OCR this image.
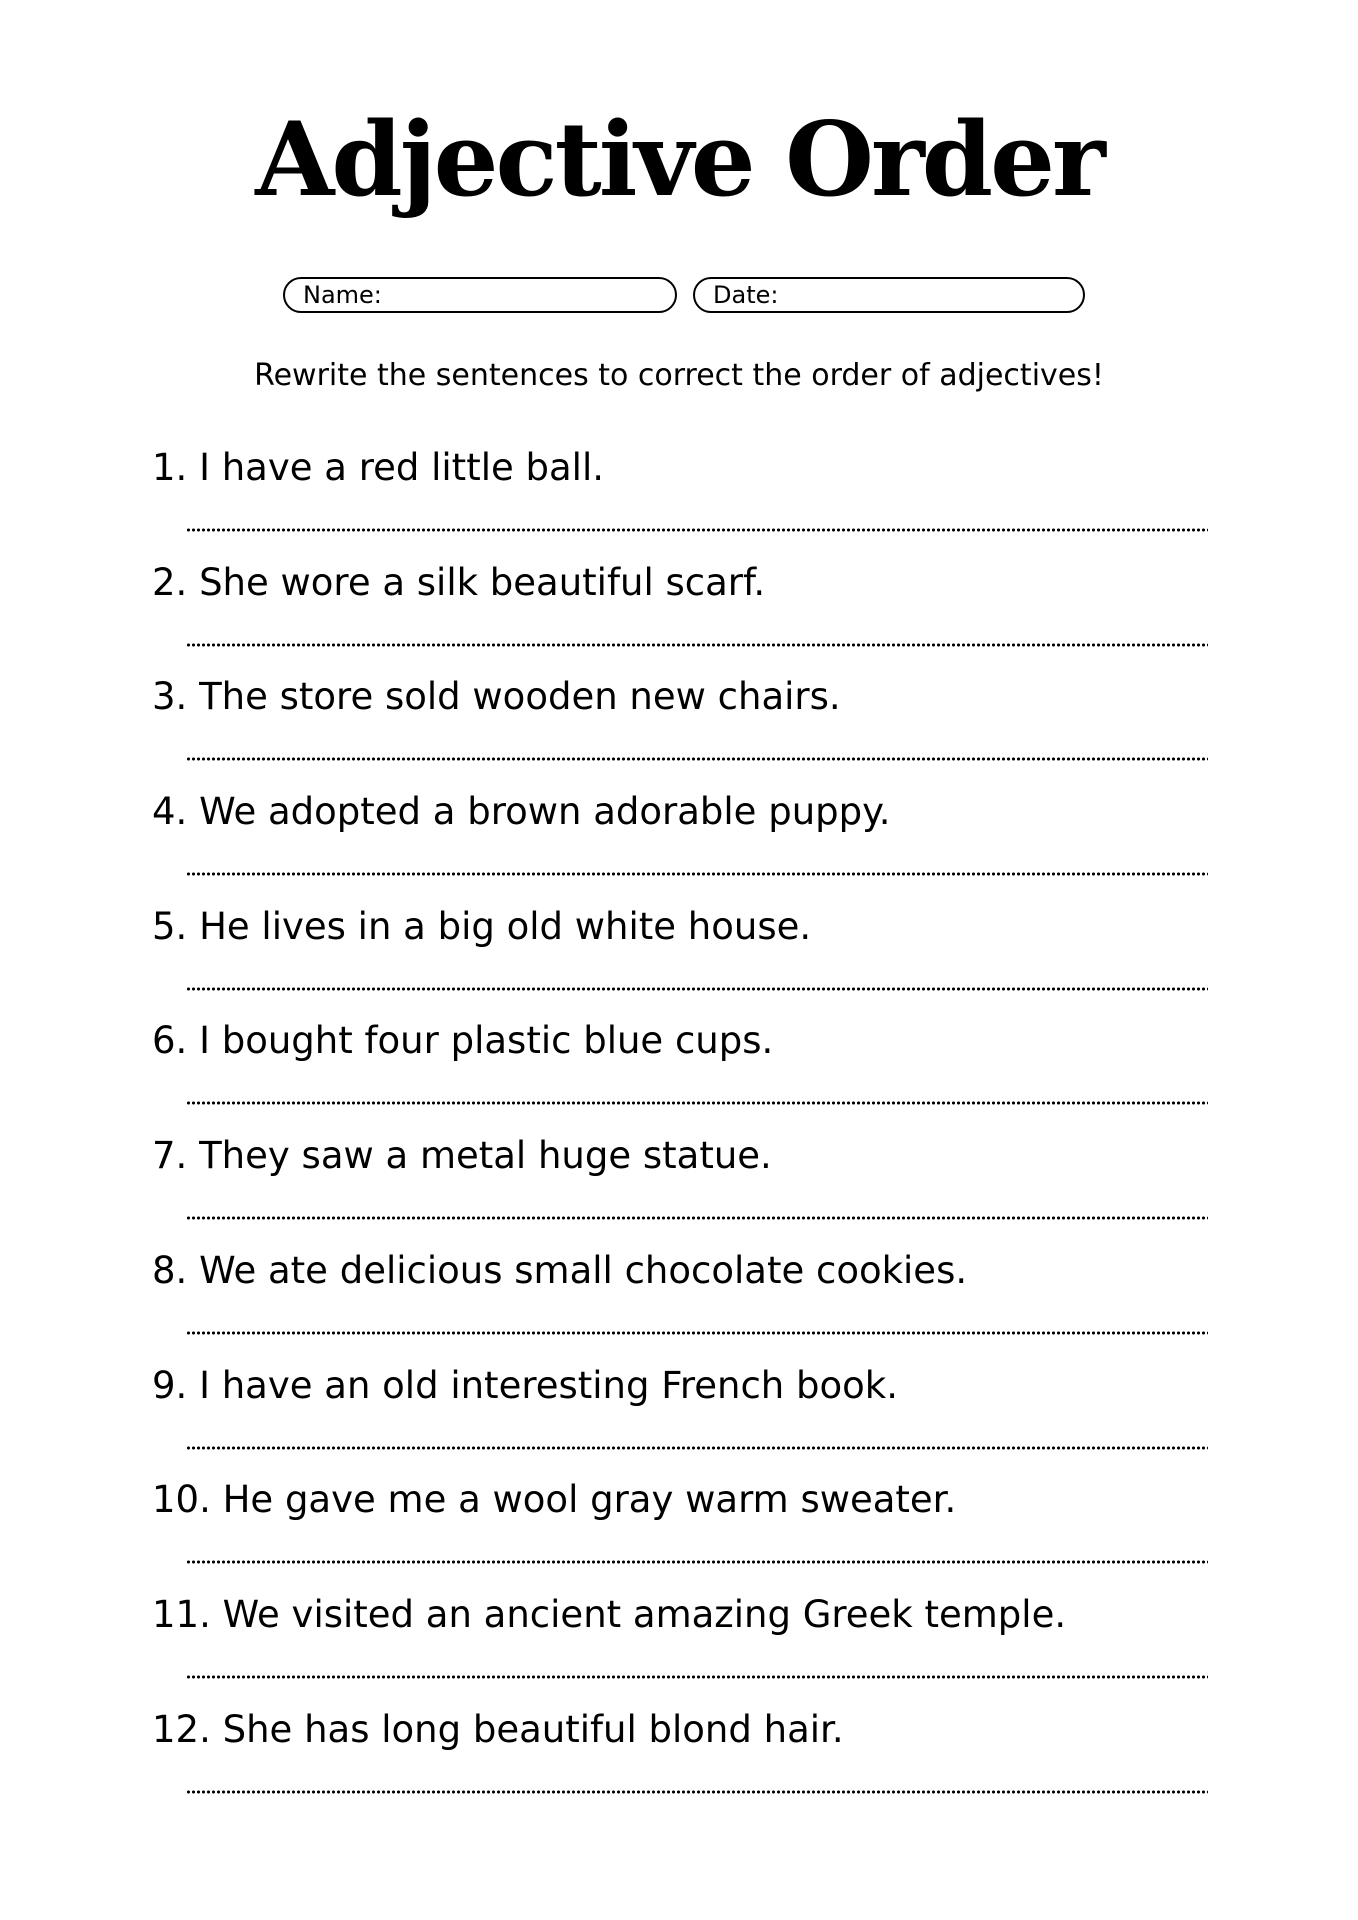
Adjective Order
Name:	Date:
Rewrite the sentences to correct the order of adjectives!
1. I have a red little ball.
2. She wore a silk beautiful scarf.
3. The store sold wooden new chairs.
4. We adopted a brown adorable puppy.
5. He lives in a big old white house.
6. I bought four plastic blue cups.
7. They saw a metal huge statue.
8. We ate delicious small chocolate cookies.
9. I have an old interesting French book.
10. He gave me a wool gray warm sweater.
11. We visited an ancient amazing Greek temple.
12. She has long beautiful blond hair.
